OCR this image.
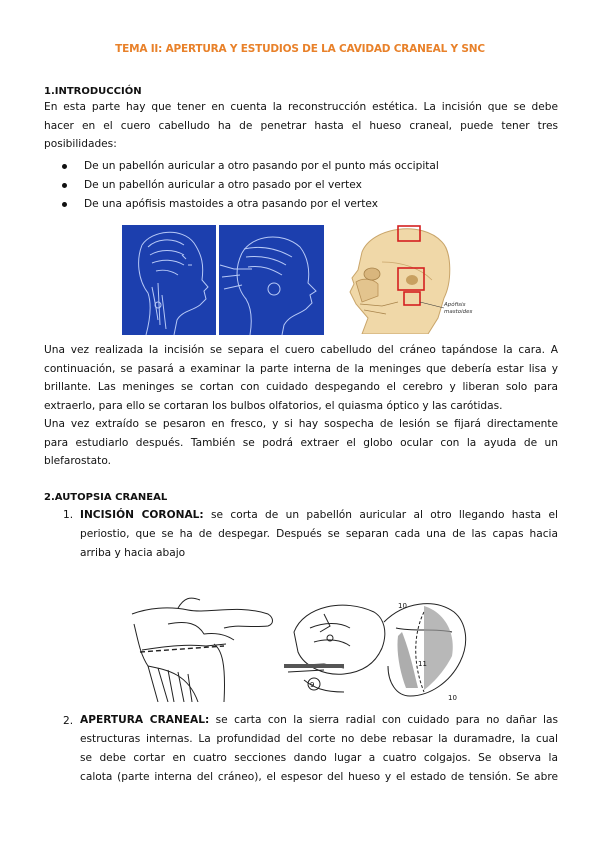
TEMA II: APERTURA Y ESTUDIOS DE LA CAVIDAD CRANEAL Y SNC
1.INTRODUCCIÓN
En esta parte hay que tener en cuenta la reconstrucción estética. La incisión que se debe
hacer en el cuero cabelludo ha de penetrar hasta el hueso craneal, puede tener tres
posibilidades:
De un pabellón auricular a otro pasando por el punto más occipital
De un pabellón auricular a otro pasado por el vertex
De una apófisis mastoides a otra pasando por el vertex
Apófisis
mastoides
Una vez realizada la incisión se separa el cuero cabelludo del cráneo tapándose la cara. A
continuación, se pasará a examinar la parte interna de la meninges que debería estar lisa y
brillante. Las meninges se cortan con cuidado despegando el cerebro y liberan solo para
extraerlo, para ello se cortaran los bulbos olfatorios, el quiasma óptico y las carótidas.
Una vez extraído se pesaron en fresco, y si hay sospecha de lesión se fijará directamente
para estudiarlo después. También se podrá extraer el globo ocular con la ayuda de un
blefarostato.
2.AUTOPSIA CRANEAL
1. INCISIÓN CORONAL: se corta de un pabellón auricular al otro llegando hasta el
periostio, que se ha de despegar. Después se separan cada una de las capas hacia
arriba y hacia abajo
10
11
9
10
2. APERTURA CRANEAL: se carta con la sierra radial con cuidado para no dañar las
estructuras internas. La profundidad del corte no debe rebasar la duramadre, la cual
se debe cortar en cuatro secciones dando lugar a cuatro colgajos. Se observa la
calota (parte interna del cráneo), el espesor del hueso y el estado de tensión. Se abre
